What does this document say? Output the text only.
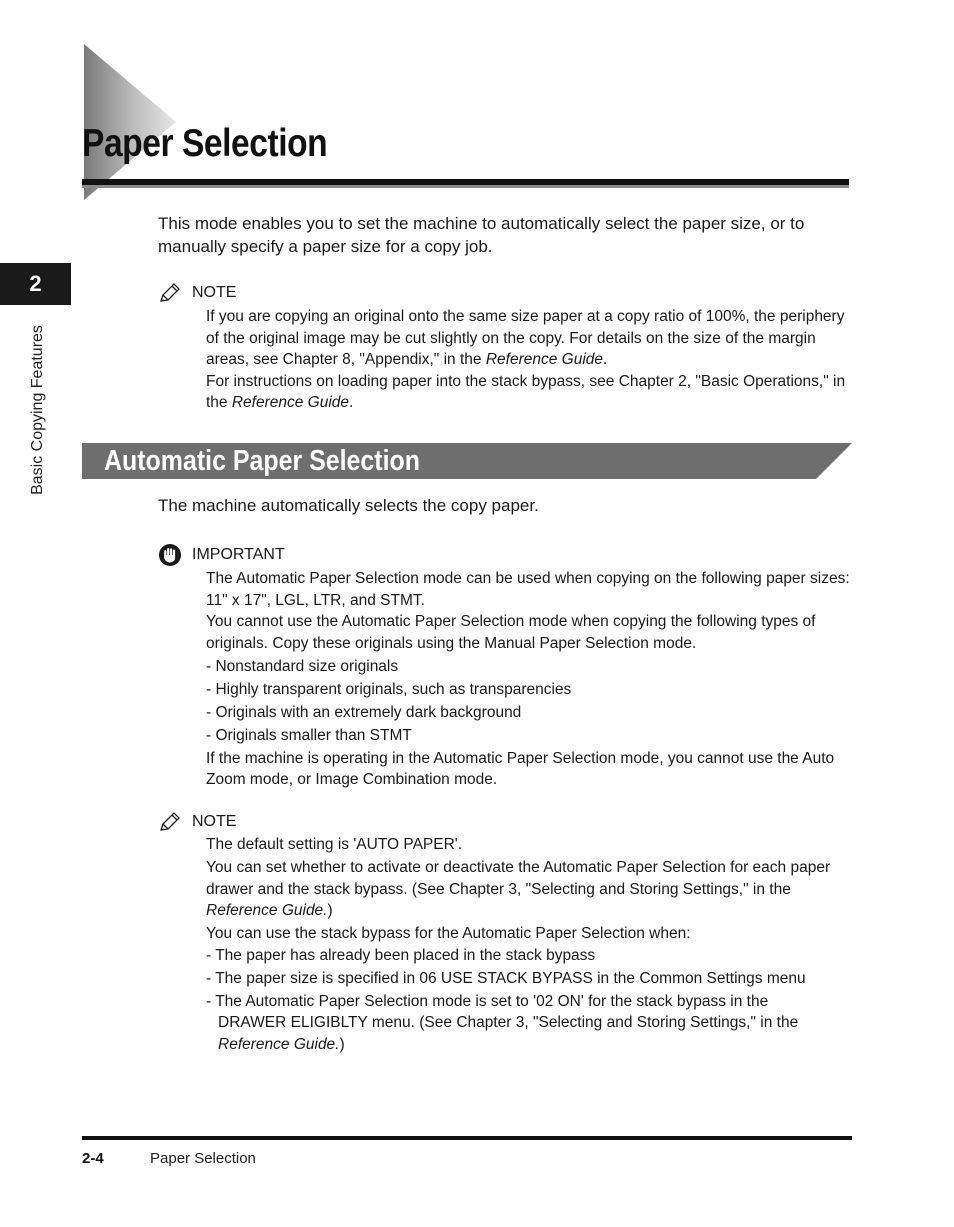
Paper Selection
2
Basic Copying Features

This mode enables you to set the machine to automatically select the paper size, or to manually specify a paper size for a copy job.

NOTE

If you are copying an original onto the same size paper at a copy ratio of 100%, the periphery of the original image may be cut slightly on the copy. For details on the size of the margin areas, see Chapter 8, "Appendix," in the Reference Guide.

For instructions on loading paper into the stack bypass, see Chapter 2, "Basic Operations," in the Reference Guide.

Automatic Paper Selection

The machine automatically selects the copy paper.

IMPORTANT

The Automatic Paper Selection mode can be used when copying on the following paper sizes: 11" x 17", LGL, LTR, and STMT.

You cannot use the Automatic Paper Selection mode when copying the following types of originals. Copy these originals using the Manual Paper Selection mode.

- Nonstandard size originals

- Highly transparent originals, such as transparencies

- Originals with an extremely dark background

- Originals smaller than STMT

If the machine is operating in the Automatic Paper Selection mode, you cannot use the Auto Zoom mode, or Image Combination mode.

NOTE

The default setting is 'AUTO PAPER'.

You can set whether to activate or deactivate the Automatic Paper Selection for each paper drawer and the stack bypass. (See Chapter 3, "Selecting and Storing Settings," in the Reference Guide.)

You can use the stack bypass for the Automatic Paper Selection when:

- The paper has already been placed in the stack bypass

- The paper size is specified in 06 USE STACK BYPASS in the Common Settings menu

- The Automatic Paper Selection mode is set to '02 ON' for the stack bypass in the
DRAWER ELIGIBLTY menu. (See Chapter 3, "Selecting and Storing Settings," in the
Reference Guide.)

2-4	Paper Selection
